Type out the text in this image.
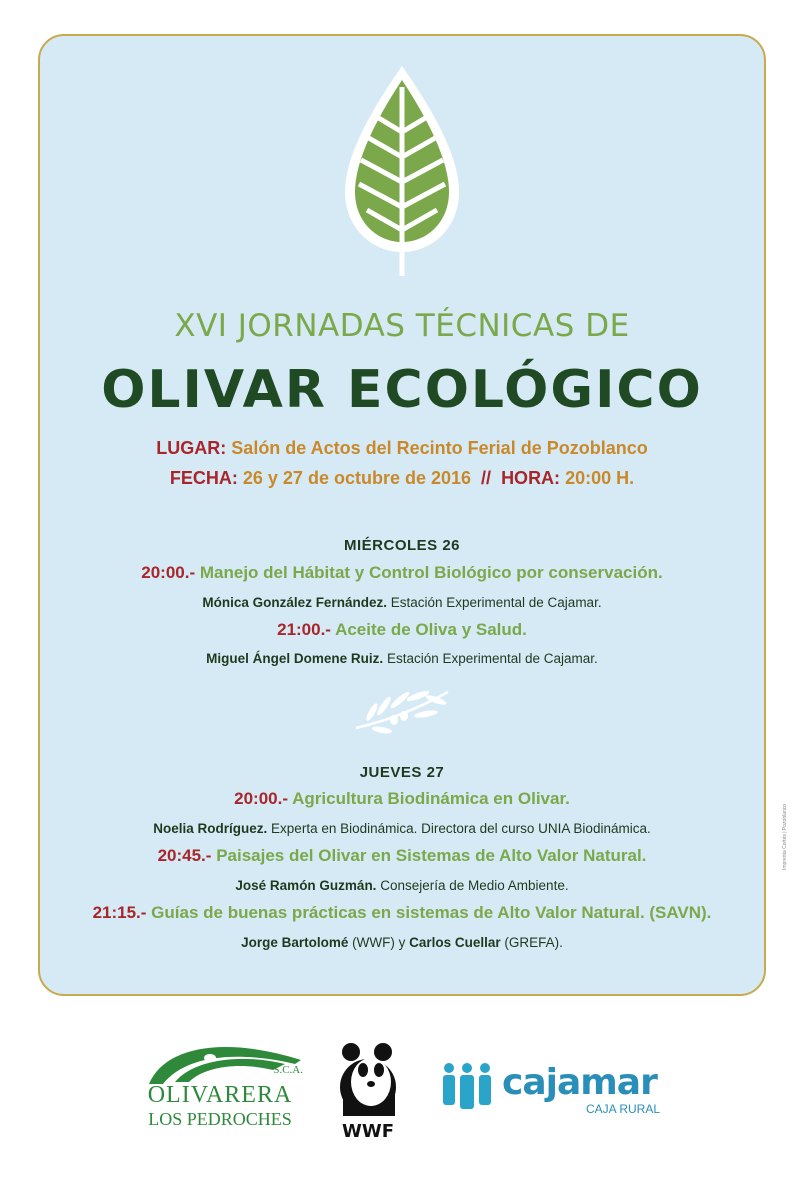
XVI JORNADAS TÉCNICAS DE
OLIVAR ECOLÓGICO
LUGAR: Salón de Actos del Recinto Ferial de Pozoblanco
FECHA: 26 y 27 de octubre de 2016 // HORA: 20:00 H.
MIÉRCOLES 26
20:00.- Manejo del Hábitat y Control Biológico por conservación.
Mónica González Fernández. Estación Experimental de Cajamar.
21:00.- Aceite de Oliva y Salud.
Miguel Ángel Domene Ruiz. Estación Experimental de Cajamar.
JUEVES 27
20:00.- Agricultura Biodinámica en Olivar.
Noelia Rodríguez. Experta en Biodinámica. Directora del curso UNIA Biodinámica.
20:45.- Paisajes del Olivar en Sistemas de Alto Valor Natural.
José Ramón Guzmán. Consejería de Medio Ambiente.
21:15.- Guías de buenas prácticas en sistemas de Alto Valor Natural. (SAVN).
Jorge Bartolomé (WWF) y Carlos Cuellar (GREFA).
Imprenta Cortés | Pozoblanco
S.C.A.
OLIVARERA
LOS PEDROCHES
WWF
cajamar
CAJA RURAL
